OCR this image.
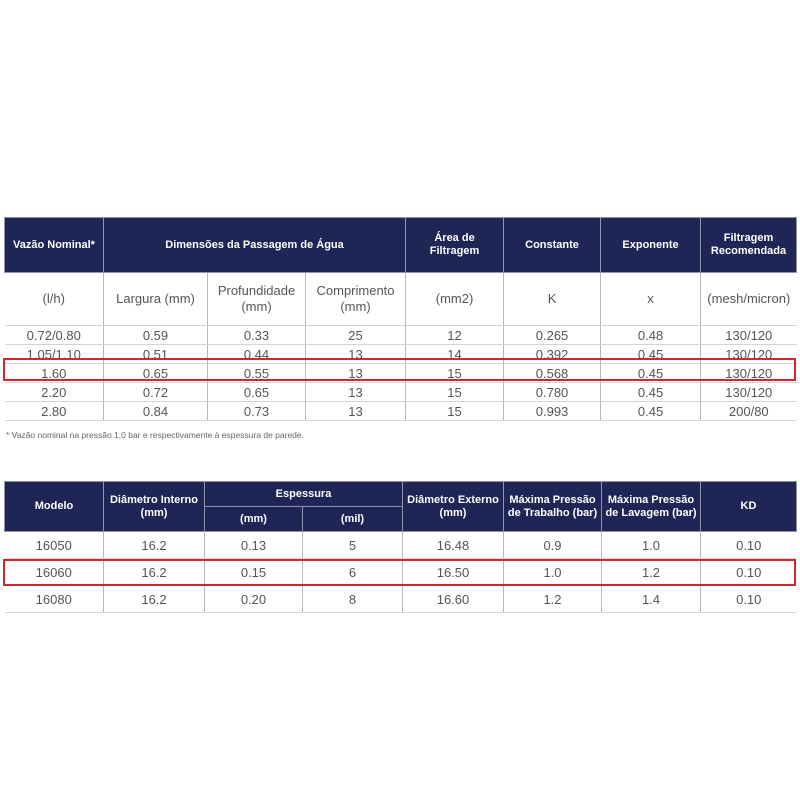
Vazão Nominal*	Dimensões da Passagem de Água			Área de Filtragem	Constante	Exponente	Filtragem Recomendada
(l/h)	Largura (mm)	Profundidade (mm)	Comprimento (mm)	(mm2)	K	x	(mesh/micron)
0.72/0.80	0.59	0.33	25	12	0.265	0.48	130/120
1.05/1.10	0.51	0.44	13	14	0.392	0.45	130/120
1.60	0.65	0.55	13	15	0.568	0.45	130/120
2.20	0.72	0.65	13	15	0.780	0.45	130/120
2.80	0.84	0.73	13	15	0.993	0.45	200/80
* Vazão nominal na pressão 1,0 bar e respectivamente à espessura de parede.
Modelo	Diâmetro Interno (mm)	Espessura		Diâmetro Externo (mm)	Máxima Pressão de Trabalho (bar)	Máxima Pressão de Lavagem (bar)	KD
		(mm)	(mil)				
16050	16.2	0.13	5	16.48	0.9	1.0	0.10
16060	16.2	0.15	6	16.50	1.0	1.2	0.10
16080	16.2	0.20	8	16.60	1.2	1.4	0.10
